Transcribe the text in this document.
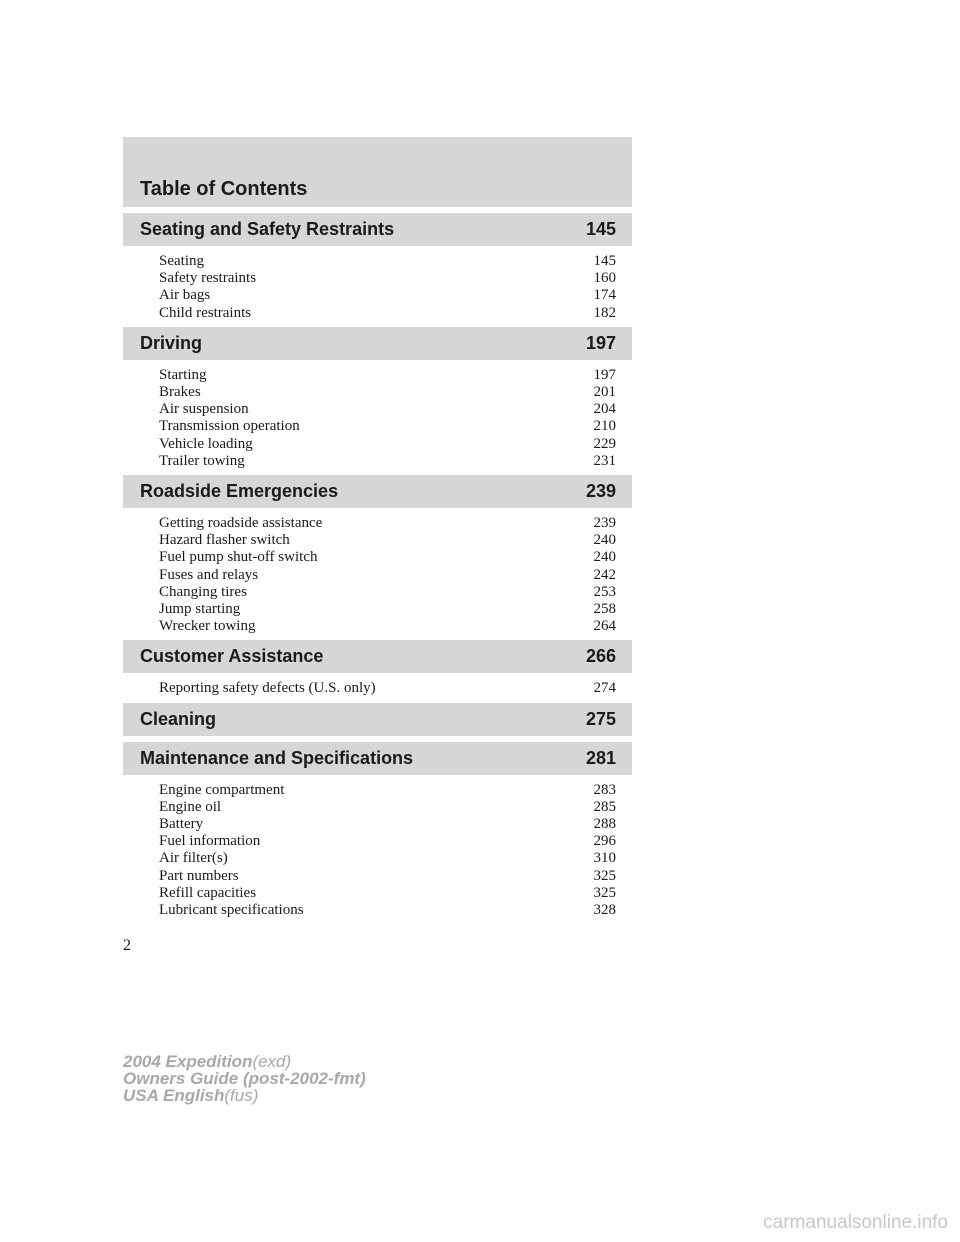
Table of Contents
Seating and Safety Restraints	145
Seating	145
Safety restraints	160
Air bags	174
Child restraints	182
Driving	197
Starting	197
Brakes	201
Air suspension	204
Transmission operation	210
Vehicle loading	229
Trailer towing	231
Roadside Emergencies	239
Getting roadside assistance	239
Hazard flasher switch	240
Fuel pump shut-off switch	240
Fuses and relays	242
Changing tires	253
Jump starting	258
Wrecker towing	264
Customer Assistance	266
Reporting safety defects (U.S. only)	274
Cleaning	275
Maintenance and Specifications	281
Engine compartment	283
Engine oil	285
Battery	288
Fuel information	296
Air filter(s)	310
Part numbers	325
Refill capacities	325
Lubricant specifications	328
2
2004 Expedition(exd)
Owners Guide (post-2002-fmt)
USA English(fus)
carmanualsonline.info
